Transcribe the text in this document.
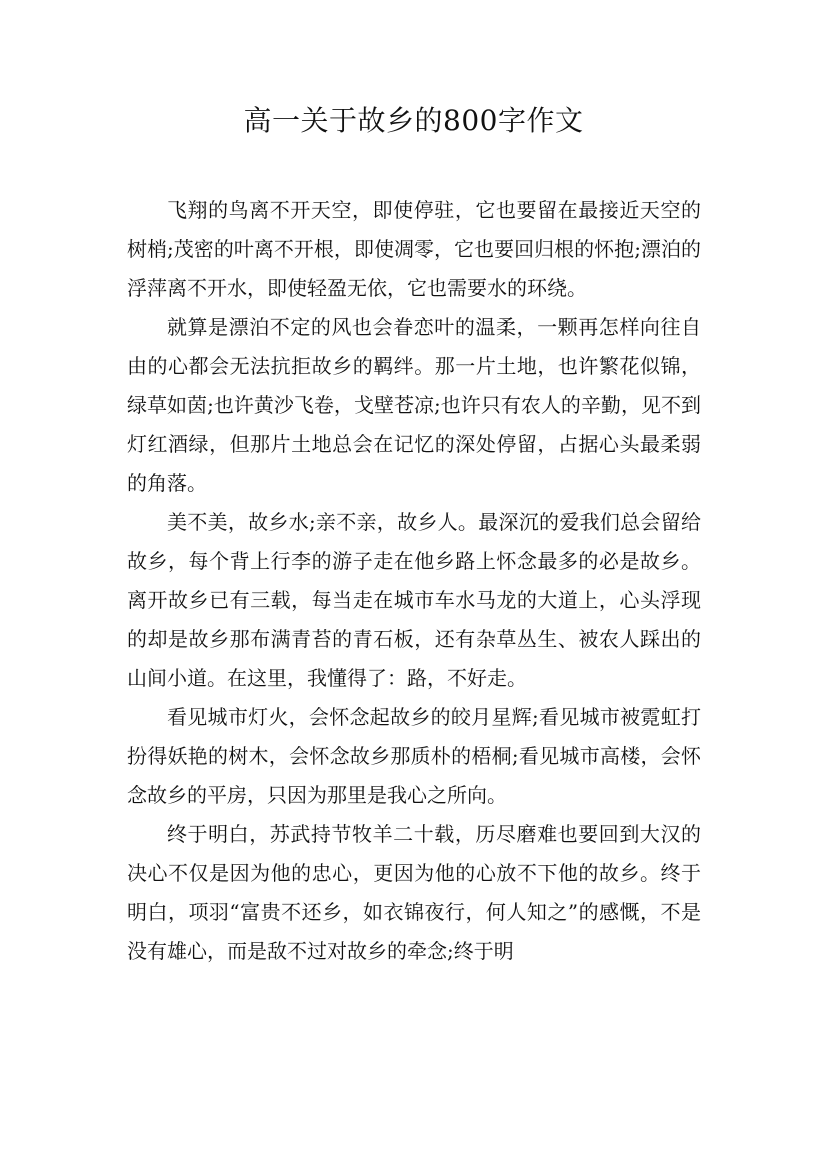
高一关于故乡的800字作文

飞翔的鸟离不开天空，即使停驻，它也要留在最接近天空的树梢;茂密的叶离不开根，即使凋零，它也要回归根的怀抱;漂泊的浮萍离不开水，即使轻盈无依，它也需要水的环绕。

就算是漂泊不定的风也会眷恋叶的温柔，一颗再怎样向往自由的心都会无法抗拒故乡的羁绊。那一片土地，也许繁花似锦，绿草如茵;也许黄沙飞卷，戈壁苍凉;也许只有农人的辛勤，见不到灯红酒绿，但那片土地总会在记忆的深处停留，占据心头最柔弱的角落。

美不美，故乡水;亲不亲，故乡人。最深沉的爱我们总会留给故乡，每个背上行李的游子走在他乡路上怀念最多的必是故乡。离开故乡已有三载，每当走在城市车水马龙的大道上，心头浮现的却是故乡那布满青苔的青石板，还有杂草丛生、被农人踩出的山间小道。在这里，我懂得了：路，不好走。

看见城市灯火，会怀念起故乡的皎月星辉;看见城市被霓虹打扮得妖艳的树木，会怀念故乡那质朴的梧桐;看见城市高楼，会怀念故乡的平房，只因为那里是我心之所向。

终于明白，苏武持节牧羊二十载，历尽磨难也要回到大汉的决心不仅是因为他的忠心，更因为他的心放不下他的故乡。终于明白，项羽“富贵不还乡，如衣锦夜行，何人知之”的感慨，不是没有雄心，而是敌不过对故乡的牵念;终于明
